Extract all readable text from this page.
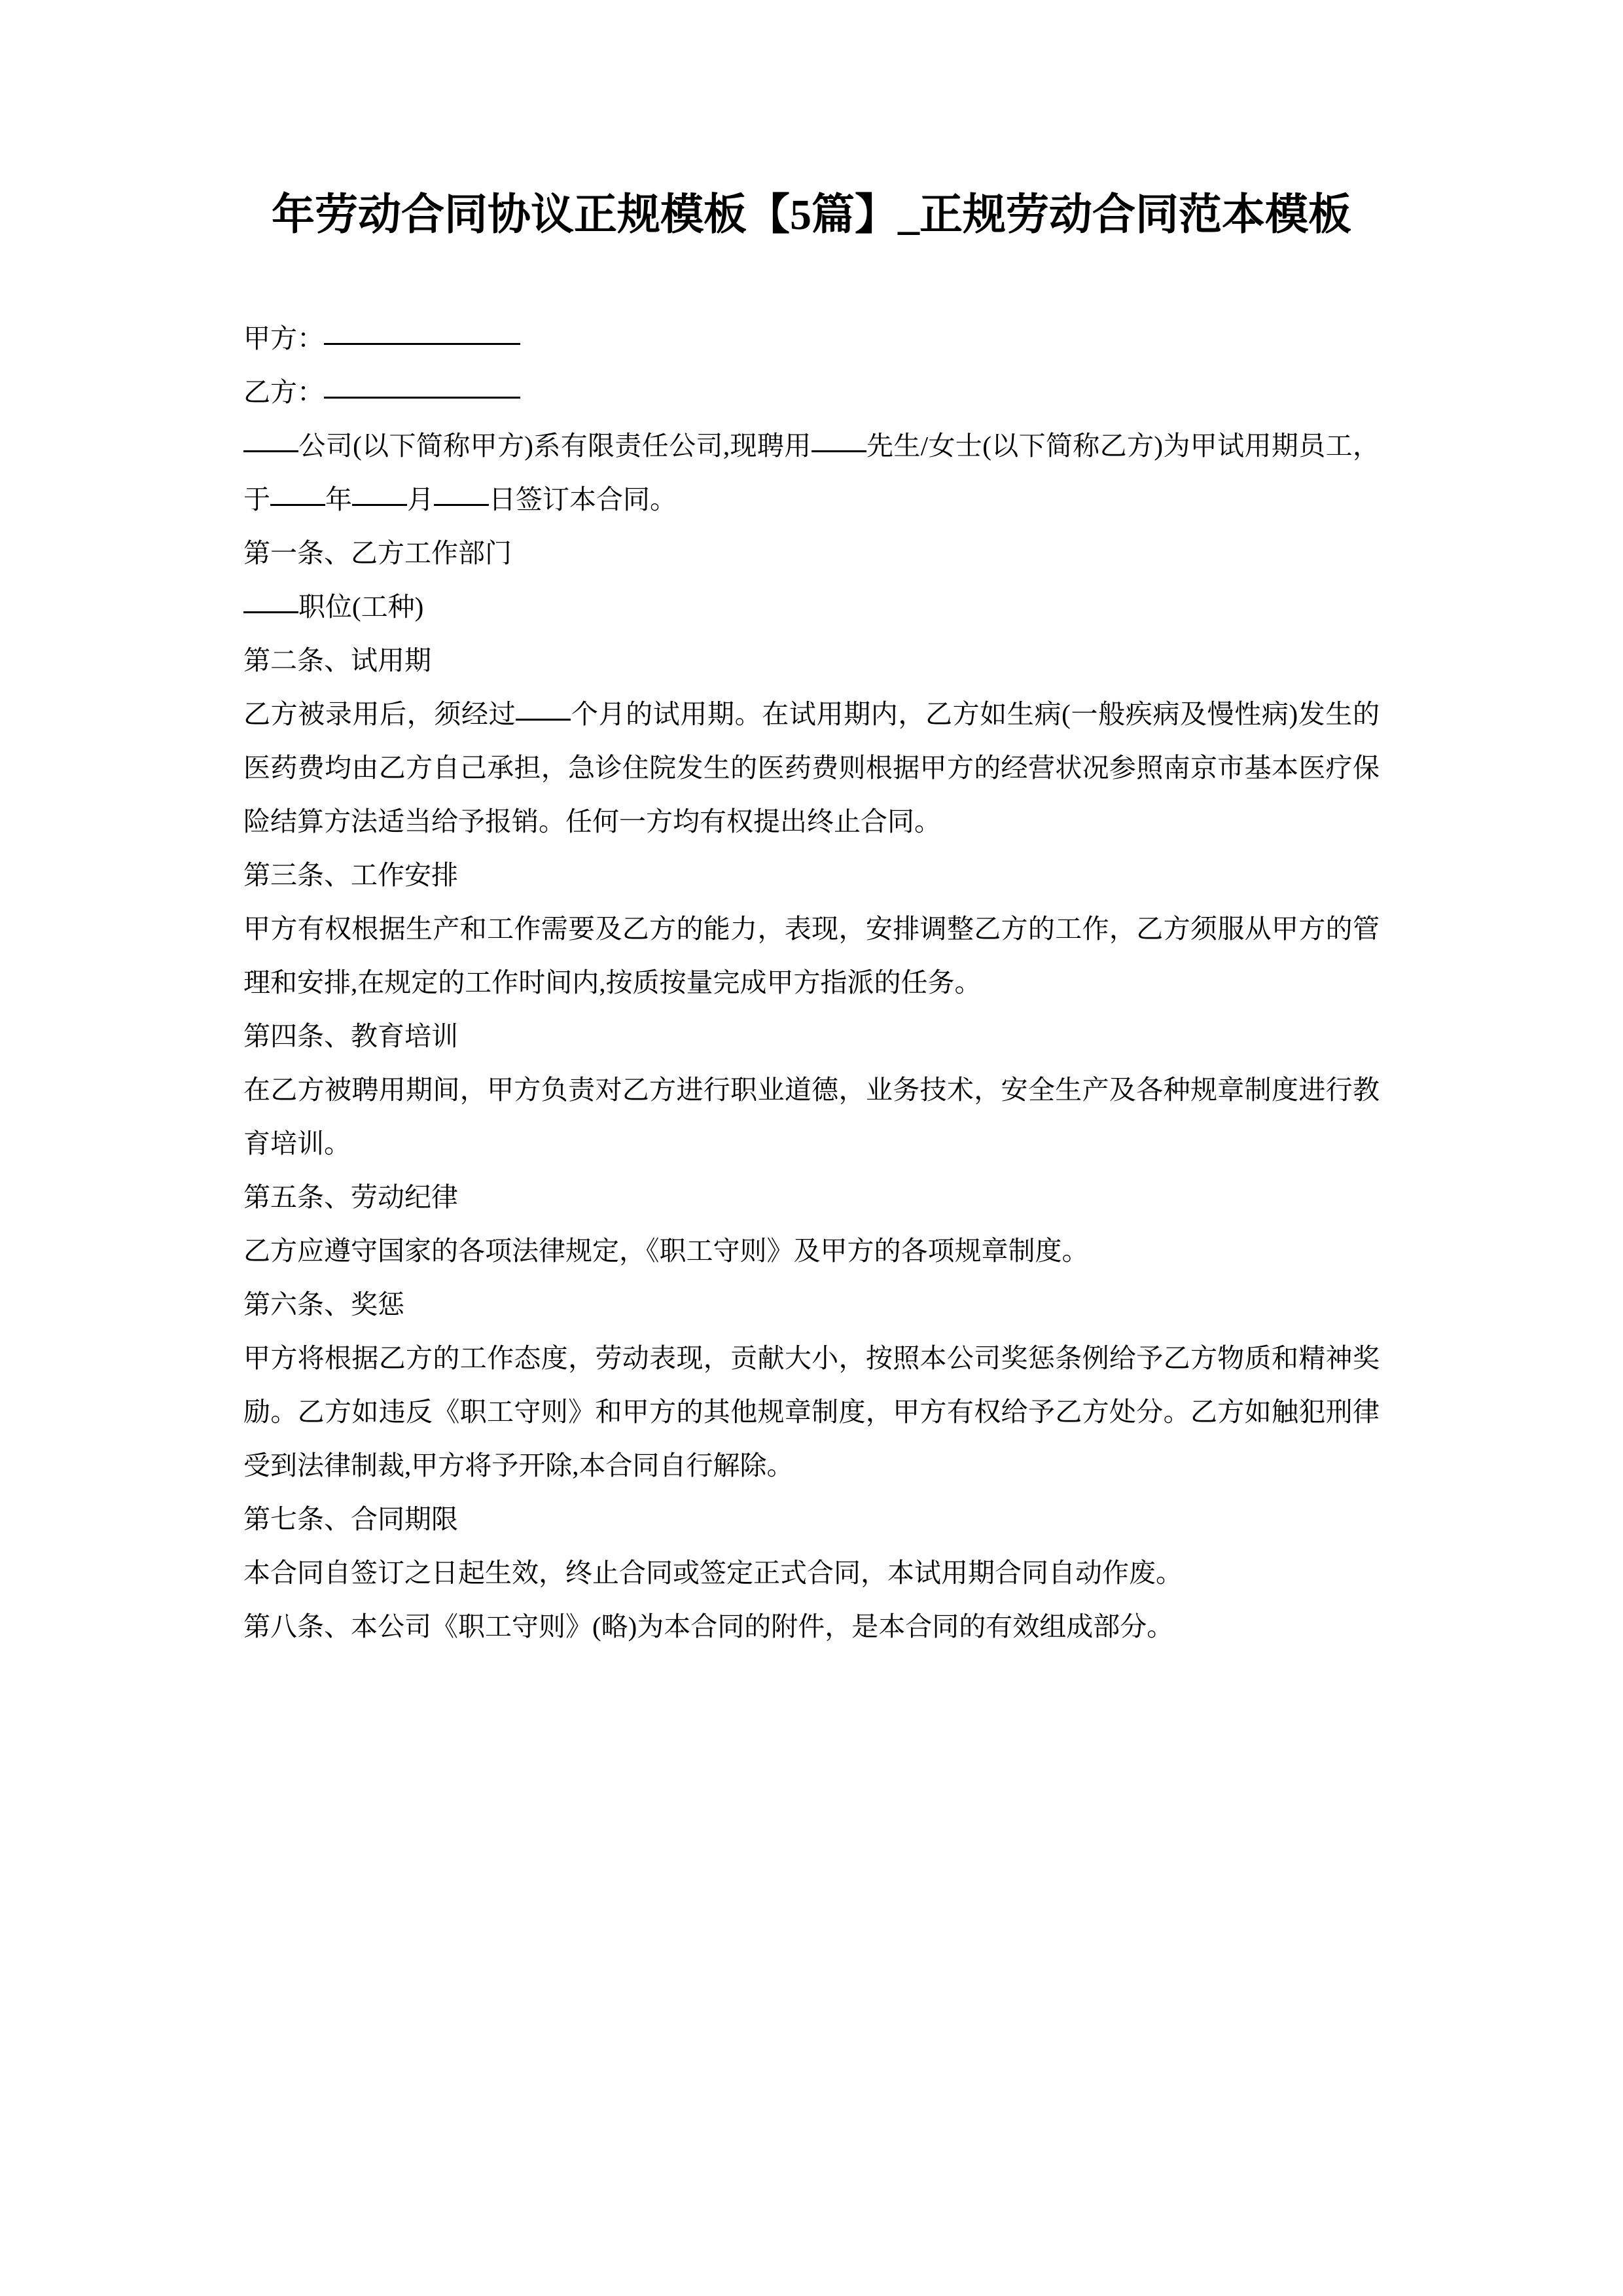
年劳动合同协议正规模板【5篇】_正规劳动合同范本模板

甲方：

乙方：

公司(以下简称甲方)系有限责任公司,现聘用 先生/女士(以下简称乙方)为甲试用期员工，于 年 月 日签订本合同。

第一条、乙方工作部门

职位(工种)

第二条、试用期

乙方被录用后，须经过 个月的试用期。在试用期内，乙方如生病(一般疾病及慢性病)发生的医药费均由乙方自己承担，急诊住院发生的医药费则根据甲方的经营状况参照南京市基本医疗保险结算方法适当给予报销。任何一方均有权提出终止合同。

第三条、工作安排

甲方有权根据生产和工作需要及乙方的能力，表现，安排调整乙方的工作，乙方须服从甲方的管理和安排,在规定的工作时间内,按质按量完成甲方指派的任务。

第四条、教育培训

在乙方被聘用期间，甲方负责对乙方进行职业道德，业务技术，安全生产及各种规章制度进行教育培训。

第五条、劳动纪律

乙方应遵守国家的各项法律规定，《职工守则》及甲方的各项规章制度。

第六条、奖惩

甲方将根据乙方的工作态度，劳动表现，贡献大小，按照本公司奖惩条例给予乙方物质和精神奖励。乙方如违反《职工守则》和甲方的其他规章制度，甲方有权给予乙方处分。乙方如触犯刑律受到法律制裁,甲方将予开除,本合同自行解除。

第七条、合同期限

本合同自签订之日起生效，终止合同或签定正式合同，本试用期合同自动作废。

第八条、本公司《职工守则》(略)为本合同的附件，是本合同的有效组成部分。
